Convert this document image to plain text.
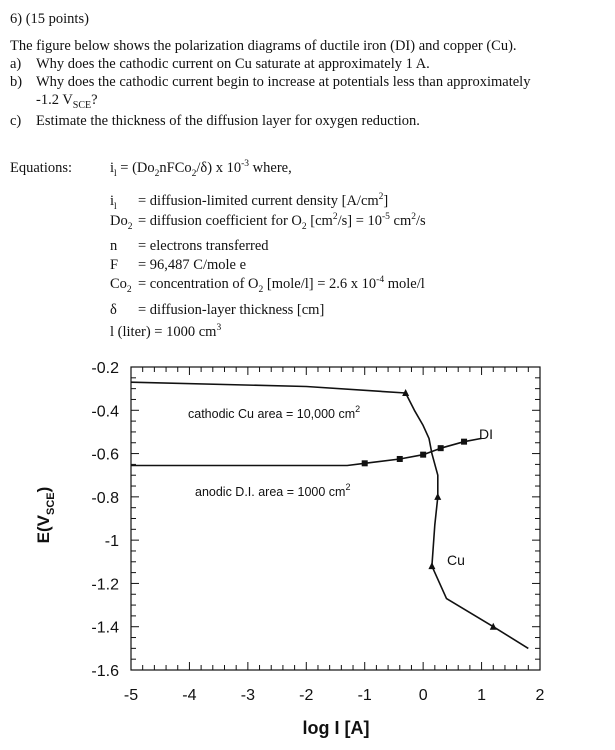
6) (15 points)
The figure below shows the polarization diagrams of ductile iron (DI) and copper (Cu).
a) Why does the cathodic current on Cu saturate at approximately 1 A.
b) Why does the cathodic current begin to increase at potentials less than approximately
-1.2 $V_{SCE}$?
c) Estimate the thickness of the diffusion layer for oxygen reduction.
Equations:	$i_l$ = $(Do_2nFCo_2/\delta)$ x $10^{-3}$ where,
$i_l$ = diffusion-limited current density $[A/cm^2]$
$Do_2$ = diffusion coefficient for $O_2$ $[cm^2/s] = 10^{-5}$ $cm^2/s$
n = electrons transferred
F = 96,487 C/mole e
$Co_2$ = concentration of $O_2$ [mole/l] = 2.6 x $10^{-4}$ mole/l
δ = diffusion-layer thickness [cm]
l (liter) = 1000 $cm^3$
-0.2
-0.4
-0.6
-0.8
-1
-1.2
-1.4
-1.6
-5	-4	-3	-2	-1	0	1	2
cathodic Cu area = 10,000 $cm^2$
anodic D.I. area = 1000 $cm^2$
DI
Cu
log I [A]
$E(V_{SCE})$
